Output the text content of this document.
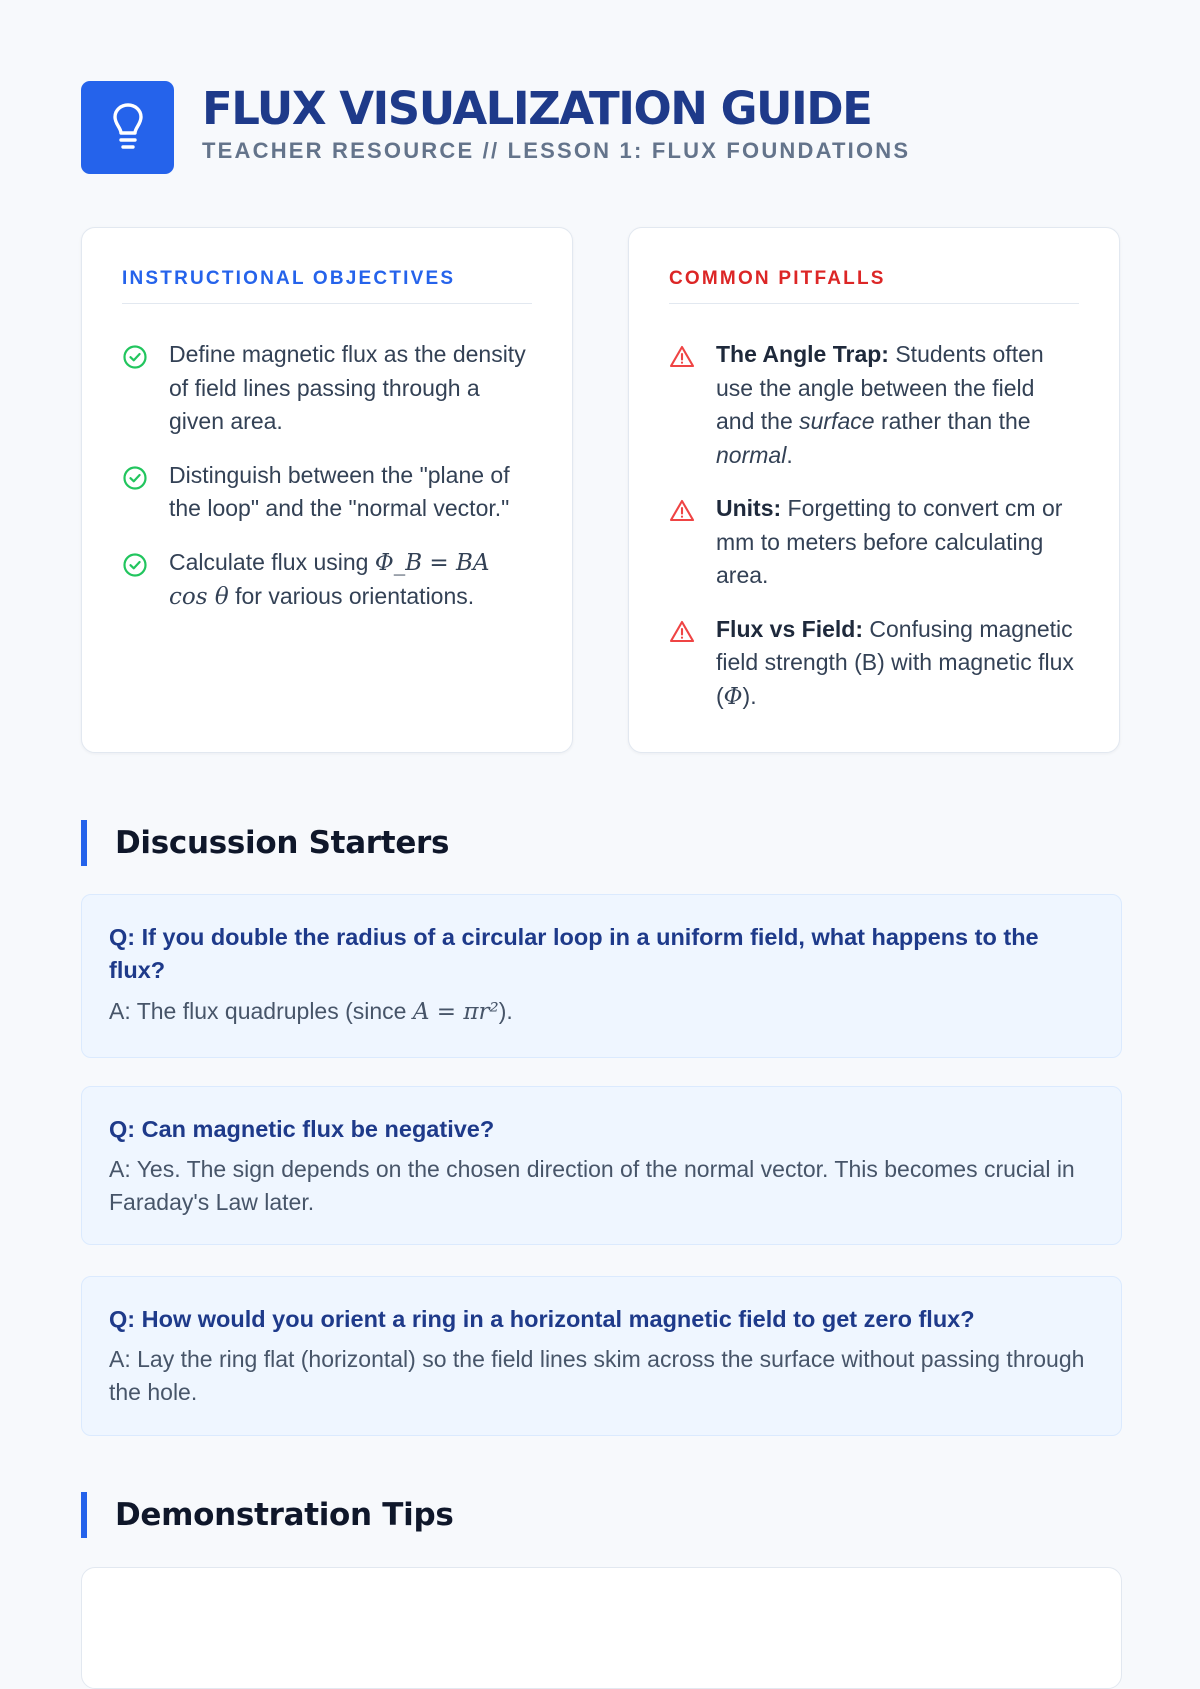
FLUX VISUALIZATION GUIDE
TEACHER RESOURCE // LESSON 1: FLUX FOUNDATIONS
INSTRUCTIONAL OBJECTIVES
Define magnetic flux as the density of field lines passing through a given area.
Distinguish between the "plane of the loop" and the "normal vector."
Calculate flux using Φ_B = BA cos θ for various orientations.
COMMON PITFALLS
The Angle Trap: Students often use the angle between the field and the surface rather than the normal.
Units: Forgetting to convert cm or mm to meters before calculating area.
Flux vs Field: Confusing magnetic field strength (B) with magnetic flux (Φ).
Discussion Starters
Q: If you double the radius of a circular loop in a uniform field, what happens to the flux?
A: The flux quadruples (since A = πr²).
Q: Can magnetic flux be negative?
A: Yes. The sign depends on the chosen direction of the normal vector. This becomes crucial in Faraday's Law later.
Q: How would you orient a ring in a horizontal magnetic field to get zero flux?
A: Lay the ring flat (horizontal) so the field lines skim across the surface without passing through the hole.
Demonstration Tips
